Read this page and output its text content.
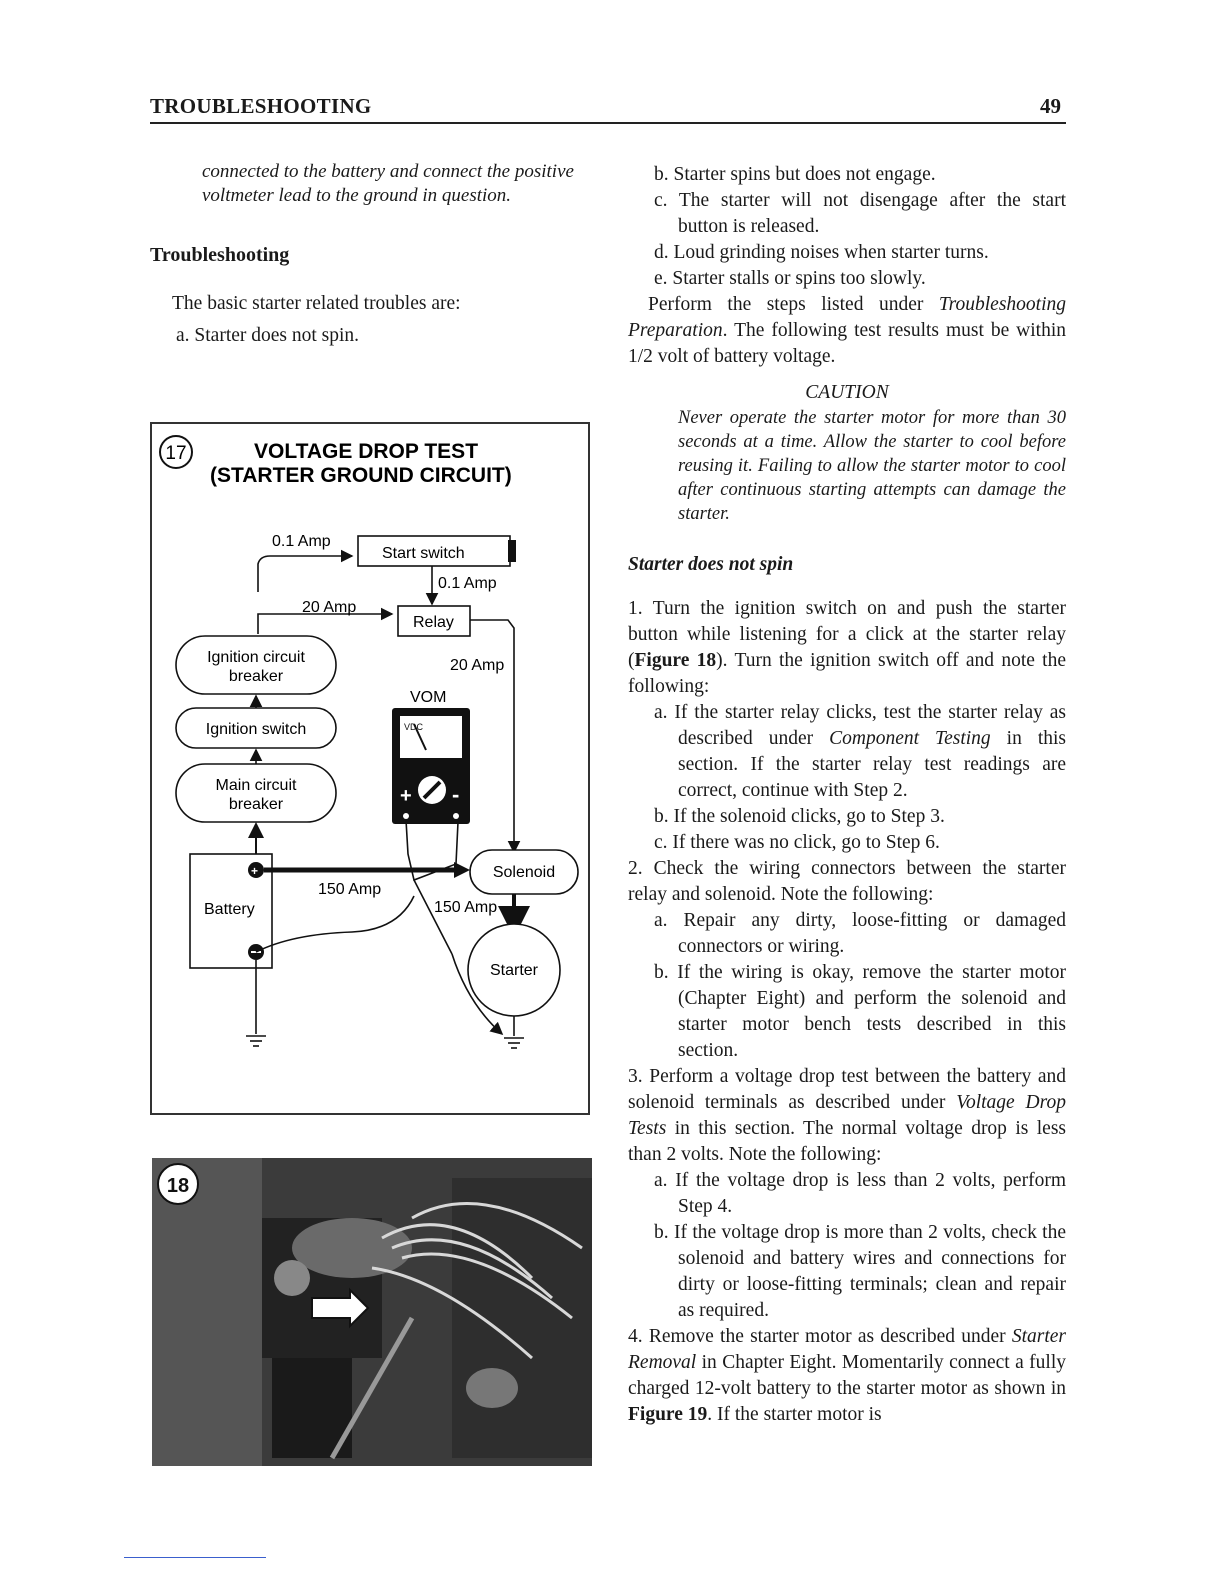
TROUBLESHOOTING	49
connected to the battery and connect the positive voltmeter lead to the ground in question.
Troubleshooting
The basic starter related troubles are:
a. Starter does not spin.
17	VOLTAGE DROP TEST
(STARTER GROUND CIRCUIT)
Start switch
0.1 Amp
0.1 Amp
Relay
20 Amp
20 Amp
Ignition circuit
breaker
Ignition switch
Main circuit
breaker
VOM
VDC
+ -
Battery
+
150 Amp
Solenoid
150 Amp
Starter
18

b. Starter spins but does not engage.

c. The starter will not disengage after the start button is released.

d. Loud grinding noises when starter turns.

e. Starter stalls or spins too slowly.

Perform the steps listed under Troubleshooting Preparation. The following test results must be within 1/2 volt of battery voltage.

CAUTION
Never operate the starter motor for more than 30 seconds at a time. Allow the starter to cool before reusing it. Failing to allow the starter motor to cool after continuous starting attempts can damage the starter.
Starter does not spin

1. Turn the ignition switch on and push the starter button while listening for a click at the starter relay (Figure 18). Turn the ignition switch off and note the following:

a. If the starter relay clicks, test the starter relay as described under Component Testing in this section. If the starter relay test readings are correct, continue with Step 2.

b. If the solenoid clicks, go to Step 3.

c. If there was no click, go to Step 6.

2. Check the wiring connectors between the starter relay and solenoid. Note the following:

a. Repair any dirty, loose-fitting or damaged connectors or wiring.

b. If the wiring is okay, remove the starter motor (Chapter Eight) and perform the solenoid and starter motor bench tests described in this section.

3. Perform a voltage drop test between the battery and solenoid terminals as described under Voltage Drop Tests in this section. The normal voltage drop is less than 2 volts. Note the following:

a. If the voltage drop is less than 2 volts, perform Step 4.

b. If the voltage drop is more than 2 volts, check the solenoid and battery wires and connections for dirty or loose-fitting terminals; clean and repair as required.

4. Remove the starter motor as described under Starter Removal in Chapter Eight. Momentarily connect a fully charged 12-volt battery to the starter motor as shown in Figure 19. If the starter motor is
